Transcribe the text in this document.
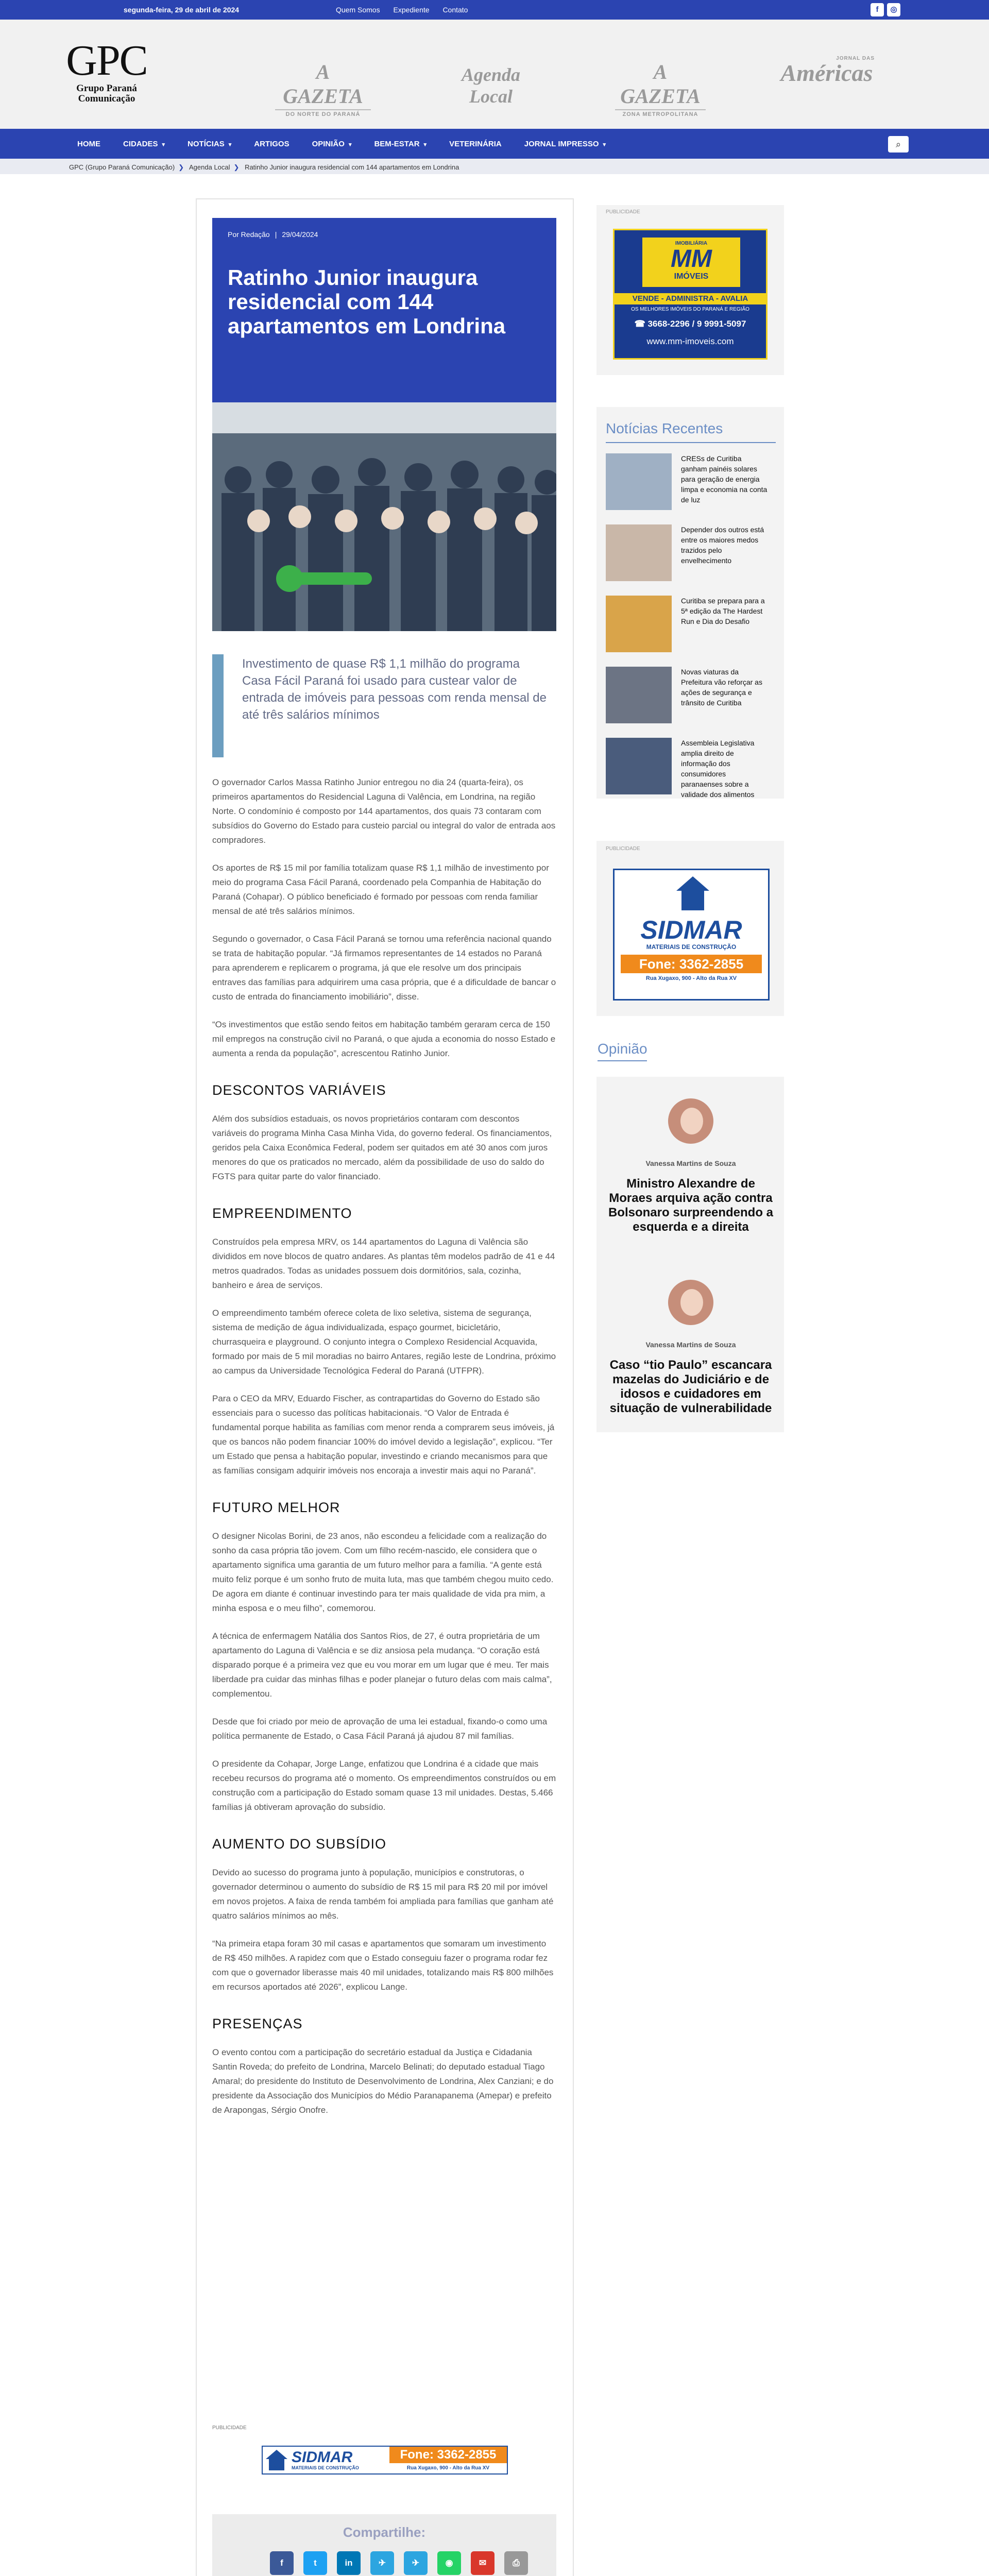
segunda-feira, 29 de abril de 2024	Quem Somos Expediente Contato	f	◎
GPC
Grupo Paraná
Comunicação
A GAZETA
DO NORTE DO PARANÁ
Agenda Local
A GAZETA
ZONA METROPOLITANA
JORNAL DAS
Américas
HOME	CIDADES ▾	NOTÍCIAS ▾	ARTIGOS	OPINIÃO ▾	BEM-ESTAR ▾	VETERINÁRIA	JORNAL IMPRESSO ▾	⌕
GPC (Grupo Paraná Comunicação) ❯ Agenda Local ❯ Ratinho Junior inaugura residencial com 144 apartamentos em Londrina
Por Redação | 29/04/2024
Ratinho Junior inaugura residencial com 144 apartamentos em Londrina

Investimento de quase R$ 1,1 milhão do programa Casa Fácil Paraná foi usado para custear valor de entrada de imóveis para pessoas com renda mensal de até três salários mínimos

O governador Carlos Massa Ratinho Junior entregou no dia 24 (quarta-feira), os primeiros apartamentos do Residencial Laguna di Valência, em Londrina, na região Norte. O condomínio é composto por 144 apartamentos, dos quais 73 contaram com subsídios do Governo do Estado para custeio parcial ou integral do valor de entrada aos compradores.

Os aportes de R$ 15 mil por família totalizam quase R$ 1,1 milhão de investimento por meio do programa Casa Fácil Paraná, coordenado pela Companhia de Habitação do Paraná (Cohapar). O público beneficiado é formado por pessoas com renda familiar mensal de até três salários mínimos.

Segundo o governador, o Casa Fácil Paraná se tornou uma referência nacional quando se trata de habitação popular. “Já firmamos representantes de 14 estados no Paraná para aprenderem e replicarem o programa, já que ele resolve um dos principais entraves das famílias para adquirirem uma casa própria, que é a dificuldade de bancar o custo de entrada do financiamento imobiliário”, disse.

“Os investimentos que estão sendo feitos em habitação também geraram cerca de 150 mil empregos na construção civil no Paraná, o que ajuda a economia do nosso Estado e aumenta a renda da população”, acrescentou Ratinho Junior.

DESCONTOS VARIÁVEIS

Além dos subsídios estaduais, os novos proprietários contaram com descontos variáveis do programa Minha Casa Minha Vida, do governo federal. Os financiamentos, geridos pela Caixa Econômica Federal, podem ser quitados em até 30 anos com juros menores do que os praticados no mercado, além da possibilidade de uso do saldo do FGTS para quitar parte do valor financiado.

EMPREENDIMENTO

Construídos pela empresa MRV, os 144 apartamentos do Laguna di Valência são divididos em nove blocos de quatro andares. As plantas têm modelos padrão de 41 e 44 metros quadrados. Todas as unidades possuem dois dormitórios, sala, cozinha, banheiro e área de serviços.

O empreendimento também oferece coleta de lixo seletiva, sistema de segurança, sistema de medição de água individualizada, espaço gourmet, bicicletário, churrasqueira e playground. O conjunto integra o Complexo Residencial Acquavida, formado por mais de 5 mil moradias no bairro Antares, região leste de Londrina, próximo ao campus da Universidade Tecnológica Federal do Paraná (UTFPR).

Para o CEO da MRV, Eduardo Fischer, as contrapartidas do Governo do Estado são essenciais para o sucesso das políticas habitacionais. “O Valor de Entrada é fundamental porque habilita as famílias com menor renda a comprarem seus imóveis, já que os bancos não podem financiar 100% do imóvel devido a legislação”, explicou. “Ter um Estado que pensa a habitação popular, investindo e criando mecanismos para que as famílias consigam adquirir imóveis nos encoraja a investir mais aqui no Paraná”.

FUTURO MELHOR

O designer Nicolas Borini, de 23 anos, não escondeu a felicidade com a realização do sonho da casa própria tão jovem. Com um filho recém-nascido, ele considera que o apartamento significa uma garantia de um futuro melhor para a família. “A gente está muito feliz porque é um sonho fruto de muita luta, mas que também chegou muito cedo. De agora em diante é continuar investindo para ter mais qualidade de vida pra mim, a minha esposa e o meu filho”, comemorou.

A técnica de enfermagem Natália dos Santos Rios, de 27, é outra proprietária de um apartamento do Laguna di Valência e se diz ansiosa pela mudança. “O coração está disparado porque é a primeira vez que eu vou morar em um lugar que é meu. Ter mais liberdade pra cuidar das minhas filhas e poder planejar o futuro delas com mais calma”, complementou.

Desde que foi criado por meio de aprovação de uma lei estadual, fixando-o como uma política permanente de Estado, o Casa Fácil Paraná já ajudou 87 mil famílias.

O presidente da Cohapar, Jorge Lange, enfatizou que Londrina é a cidade que mais recebeu recursos do programa até o momento. Os empreendimentos construídos ou em construção com a participação do Estado somam quase 13 mil unidades. Destas, 5.466 famílias já obtiveram aprovação do subsídio.

AUMENTO DO SUBSÍDIO

Devido ao sucesso do programa junto à população, municípios e construtoras, o governador determinou o aumento do subsídio de R$ 15 mil para R$ 20 mil por imóvel em novos projetos. A faixa de renda também foi ampliada para famílias que ganham até quatro salários mínimos ao mês.

“Na primeira etapa foram 30 mil casas e apartamentos que somaram um investimento de R$ 450 milhões. A rapidez com que o Estado conseguiu fazer o programa rodar fez com que o governador liberasse mais 40 mil unidades, totalizando mais R$ 800 milhões em recursos aportados até 2026”, explicou Lange.

PRESENÇAS

O evento contou com a participação do secretário estadual da Justiça e Cidadania Santin Roveda; do prefeito de Londrina, Marcelo Belinati; do deputado estadual Tiago Amaral; do presidente do Instituto de Desenvolvimento de Londrina, Alex Canziani; e do presidente da Associação dos Municípios do Médio Paranapanema (Amepar) e prefeito de Arapongas, Sérgio Onofre.

PUBLICIDADE
SIDMAR
MATERIAIS DE CONSTRUÇÃO
Fone: 3362-2855
Rua Xugaxo, 900 - Alto da Rua XV
Compartilhe:
f	t	in	✈	✈	◉	✉	⎙
PUBLICIDADE
IMOBILIÁRIA
MM
IMÓVEIS
VENDE - ADMINISTRA - AVALIA
OS MELHORES IMÓVEIS DO PARANÁ E REGIÃO
☎ 3668-2296 / 9 9991-5097
www.mm-imoveis.com
Notícias Recentes
CRESs de Curitiba ganham painéis solares para geração de energia limpa e economia na conta de luz
Depender dos outros está entre os maiores medos trazidos pelo envelhecimento
Curitiba se prepara para a 5ª edição da The Hardest Run e Dia do Desafio
Novas viaturas da Prefeitura vão reforçar as ações de segurança e trânsito de Curitiba
Assembleia Legislativa amplia direito de informação dos consumidores paranaenses sobre a validade dos alimentos
PUBLICIDADE
SIDMAR
MATERIAIS DE CONSTRUÇÃO
Fone: 3362-2855
Rua Xugaxo, 900 - Alto da Rua XV
Opinião
Vanessa Martins de Souza
Ministro Alexandre de Moraes arquiva ação contra Bolsonaro surpreendendo a esquerda e a direita
Vanessa Martins de Souza
Caso “tio Paulo” escancara mazelas do Judiciário e de idosos e cuidadores em situação de vulnerabilidade
